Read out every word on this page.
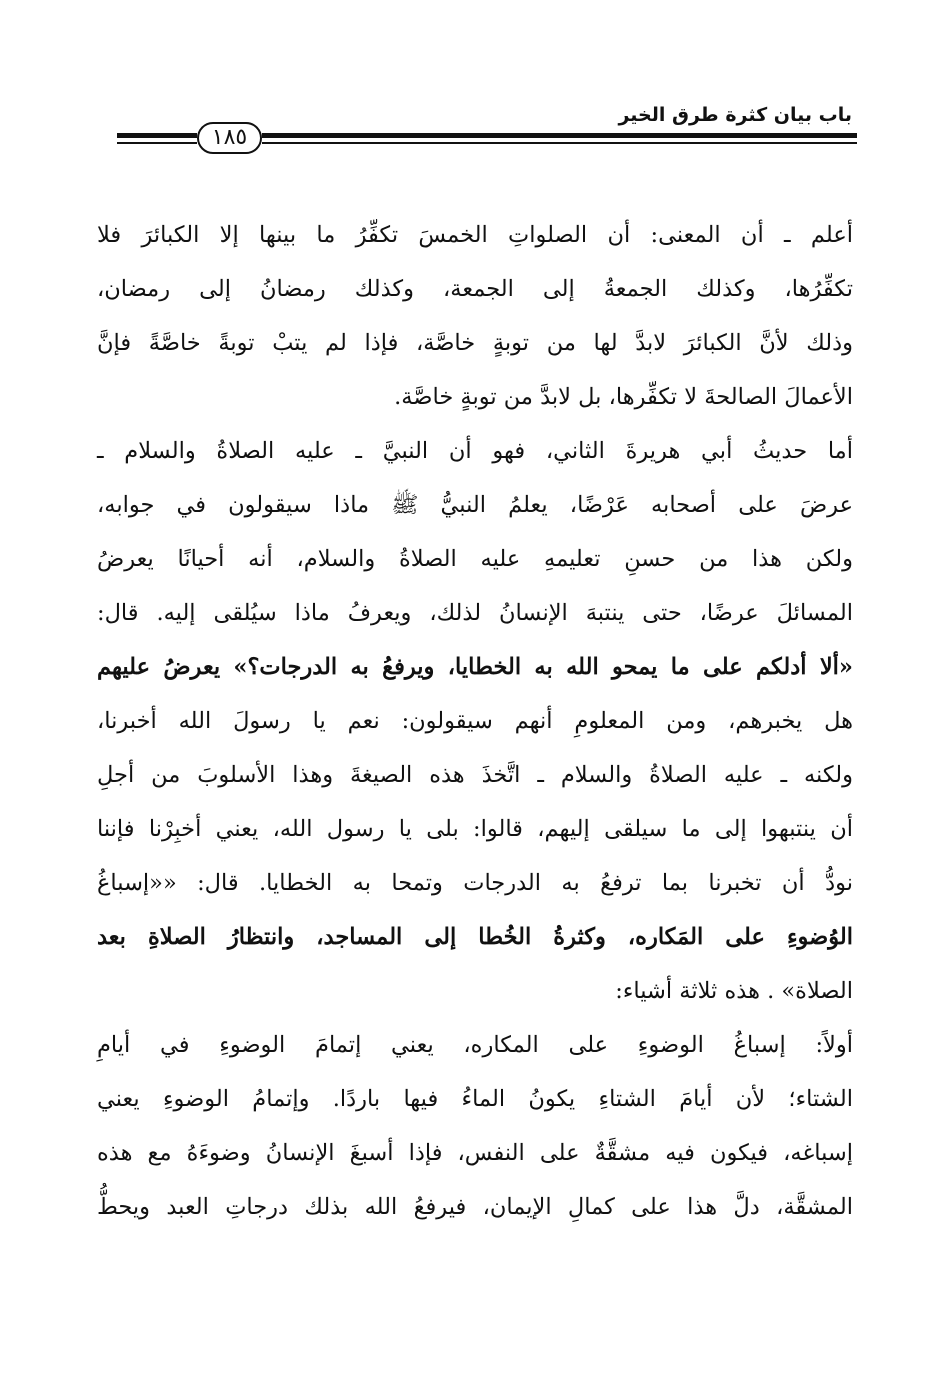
باب بيان كثرة طرق الخير
١٨٥
أعلم ـ أن المعنى: أن الصلواتِ الخمسَ تكفِّرُ ما بينها إلا الكبائرَ فلا
تكفِّرُها، وكذلك الجمعةُ إلى الجمعة، وكذلك رمضانُ إلى رمضان،
وذلك لأنَّ الكبائرَ لابدَّ لها من توبةٍ خاصَّة، فإذا لم يتبْ توبةً خاصَّةً فإنَّ
الأعمالَ الصالحةَ لا تكفِّرها، بل لابدَّ من توبةٍ خاصَّة.
أما حديثُ أبي هريرةَ الثاني، فهو أن النبيَّ ـ عليه الصلاةُ والسلام ـ
عرضَ على أصحابه عَرْضًا، يعلمُ النبيُّ ﷺ ماذا سيقولون في جوابه،
ولكن هذا من حسنِ تعليمهِ عليه الصلاةُ والسلام، أنه أحيانًا يعرضُ
المسائلَ عرضًا، حتى ينتبهَ الإنسانُ لذلك، ويعرفُ ماذا سيُلقى إليه. قال:
«ألا أدلكم على ما يمحو الله به الخطايا، ويرفعُ به الدرجات؟» يعرضُ عليهم
هل يخبرهم، ومن المعلومِ أنهم سيقولون: نعم يا رسولَ الله أخبرنا،
ولكنه ـ عليه الصلاةُ والسلام ـ اتَّخذَ هذه الصيغةَ وهذا الأسلوبَ من أجلِ
أن ينتبهوا إلى ما سيلقى إليهم، قالوا: بلى يا رسول الله، يعني أخبِرْنا فإننا
نودُّ أن تخبرنا بما ترفعُ به الدرجات وتمحا به الخطايا. قال: ««إسباغُ
الوُضوءِ على المَكاره، وكثرةُ الخُطا إلى المساجد، وانتظارُ الصلاةِ بعد
الصلاة» . هذه ثلاثة أشياء:
أولاً: إسباغُ الوضوءِ على المكاره، يعني إتمامَ الوضوءِ في أيامِ
الشتاء؛ لأن أيامَ الشتاءِ يكونُ الماءُ فيها باردًا. وإتمامُ الوضوءِ يعني
إسباغه، فيكون فيه مشقَّةٌ على النفس، فإذا أسبغَ الإنسانُ وضوءَهُ مع هذه
المشقَّة، دلَّ هذا على كمالِ الإيمان، فيرفعُ الله بذلك درجاتِ العبد ويحطُّ
